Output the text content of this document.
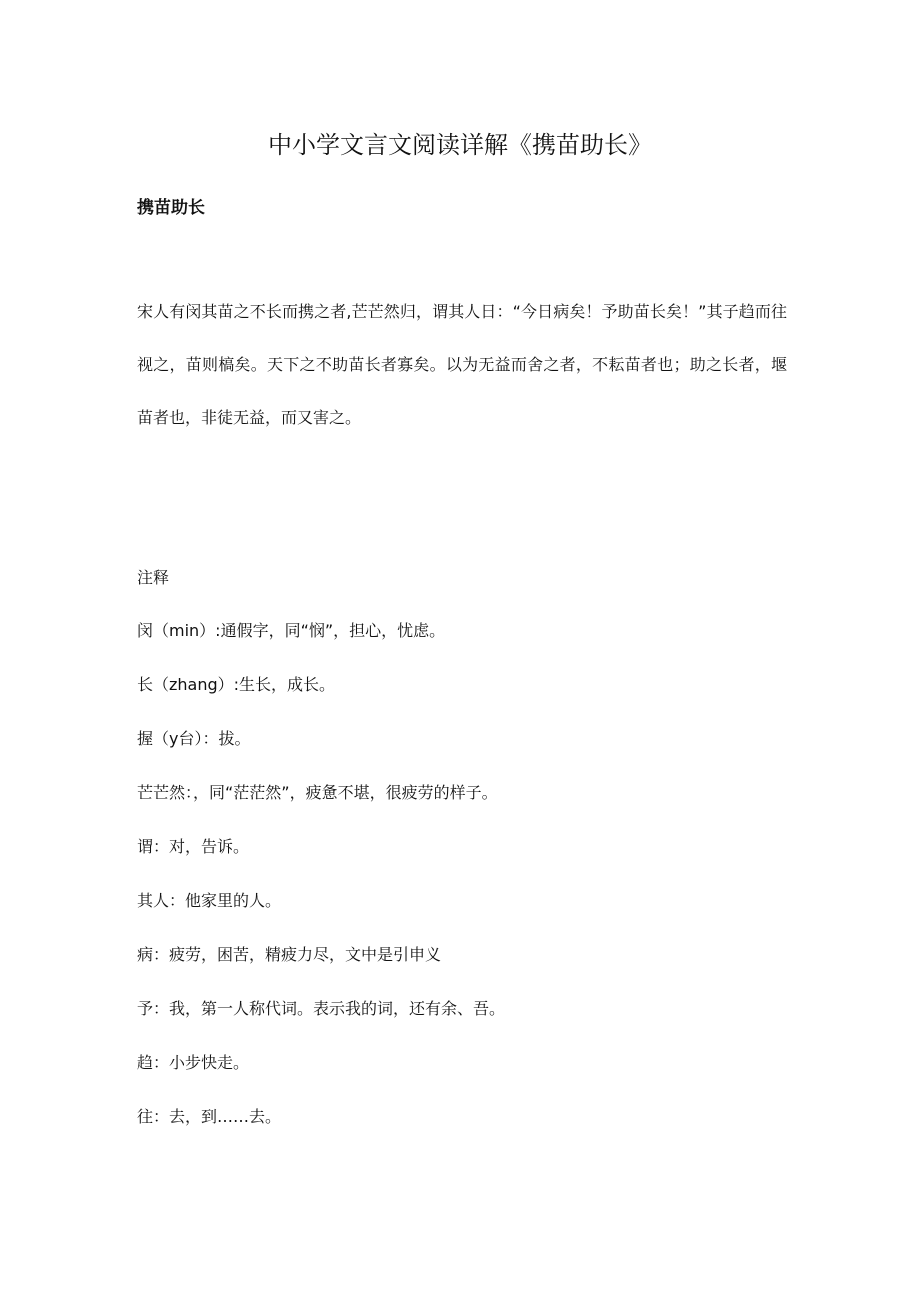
中小学文言文阅读详解《携苗助长》
携苗助长

宋人有闵其苗之不长而携之者,芒芒然归，谓其人日：“今日病矣！予助苗长矣！”其子趋而往视之，苗则槁矣。天下之不助苗长者寡矣。以为无益而舍之者，不耘苗者也；助之长者，堰苗者也，非徒无益，而又害之。

注释
闵（min）:通假字，同“悯”，担心，忧虑。
长（zhang）:生长，成长。
握（y台）：拔。
芒芒然：，同“茫茫然”，疲惫不堪，很疲劳的样子。
谓：对，告诉。
其人：他家里的人。
病：疲劳，困苦，精疲力尽，文中是引申义
予：我，第一人称代词。表示我的词，还有余、吾。
趋：小步快走。
往：去，到……去。
